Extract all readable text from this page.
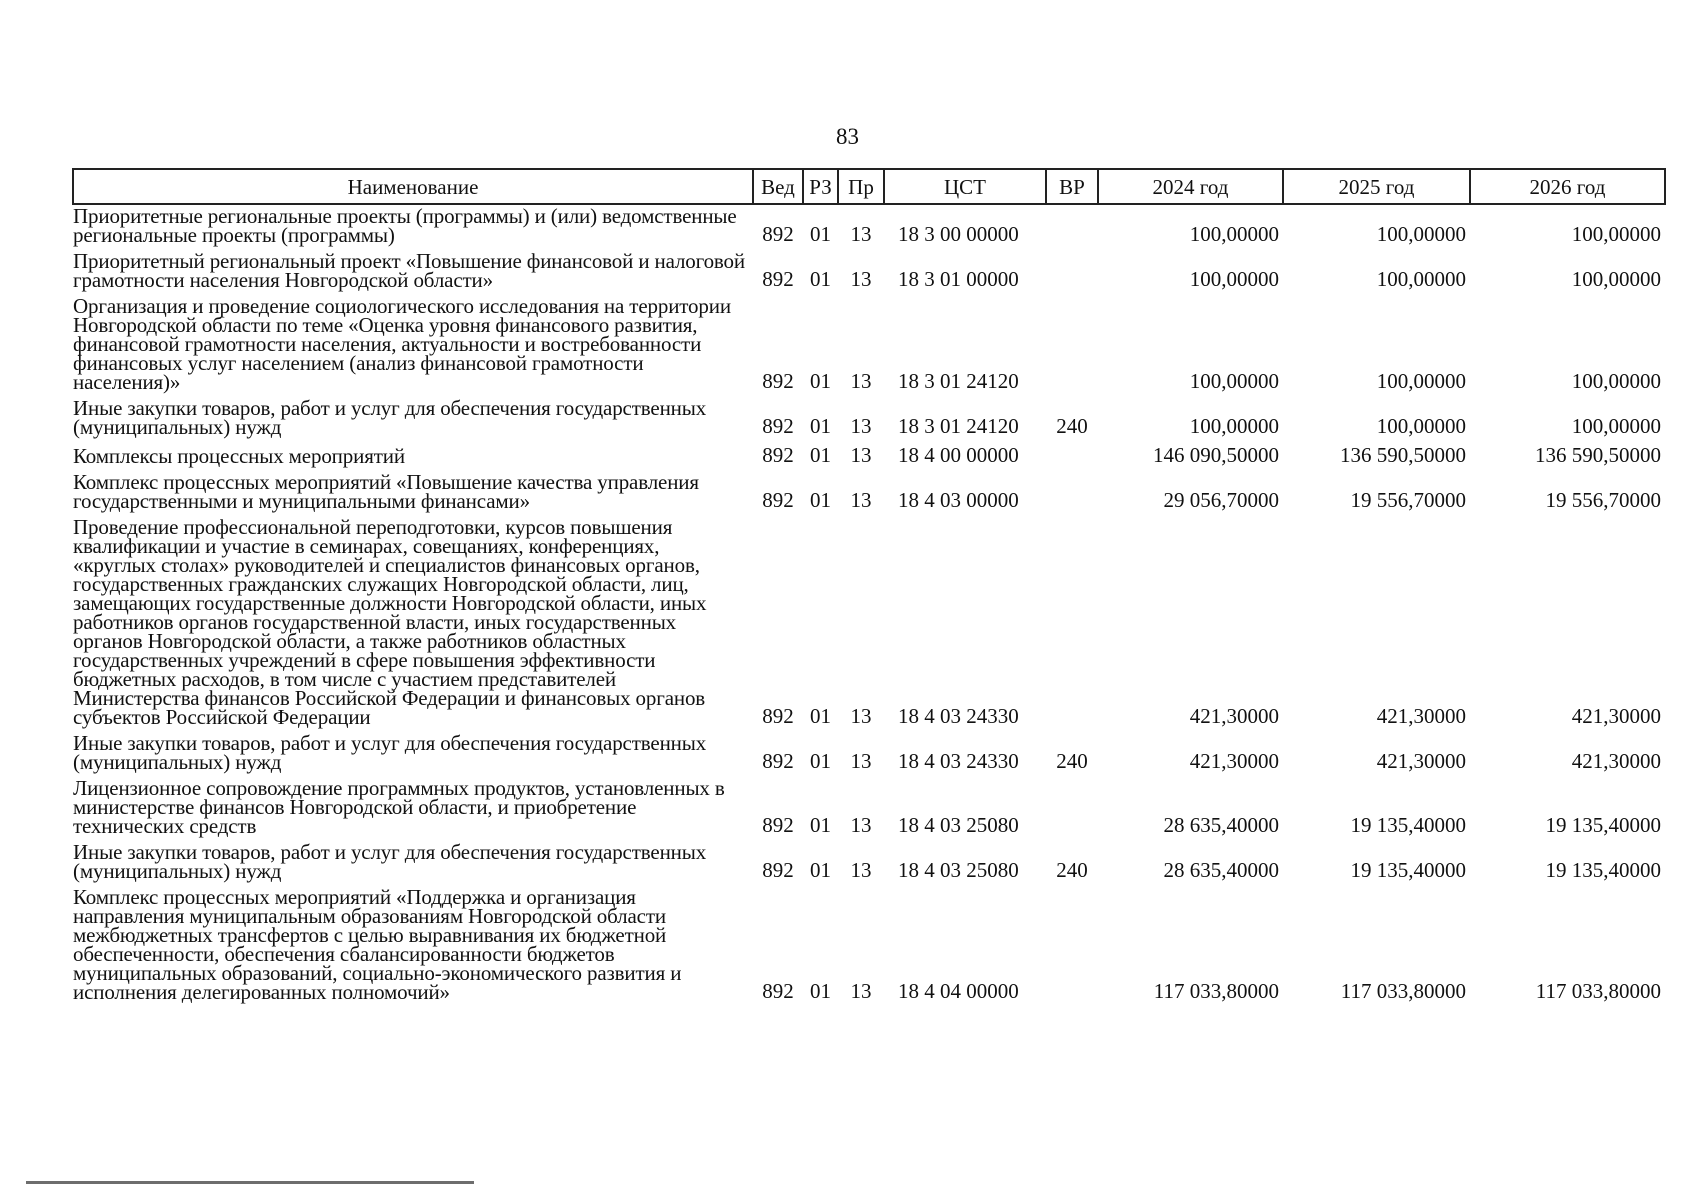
83
Наименование	Вед	РЗ	Пр	ЦСТ	ВР	2024 год	2025 год	2026 год
Приоритетные региональные проекты (программы) и (или) ведомственные региональные проекты (программы)	892	01	13	18 3 00 00000		100,00000	100,00000	100,00000
Приоритетный региональный проект «Повышение финансовой и налоговой грамотности населения Новгородской области»	892	01	13	18 3 01 00000		100,00000	100,00000	100,00000
Организация и проведение социологического исследования на территории Новгородской области по теме «Оценка уровня финансового развития, финансовой грамотности населения, актуальности и востребованности финансовых услуг населением (анализ финансовой грамотности населения)»	892	01	13	18 3 01 24120		100,00000	100,00000	100,00000
Иные закупки товаров, работ и услуг для обеспечения государственных (муниципальных) нужд	892	01	13	18 3 01 24120	240	100,00000	100,00000	100,00000
Комплексы процессных мероприятий	892	01	13	18 4 00 00000		146 090,50000	136 590,50000	136 590,50000
Комплекс процессных мероприятий «Повышение качества управления государственными и муниципальными финансами»	892	01	13	18 4 03 00000		29 056,70000	19 556,70000	19 556,70000
Проведение профессиональной переподготовки, курсов повышения квалификации и участие в семинарах, совещаниях, конференциях, «круглых столах» руководителей и специалистов финансовых органов, государственных гражданских служащих Новгородской области, лиц, замещающих государственные должности Новгородской области, иных работников органов государственной власти, иных государственных органов Новгородской области, а также работников областных государственных учреждений в сфере повышения эффективности бюджетных расходов, в том числе с участием представителей Министерства финансов Российской Федерации и финансовых органов субъектов Российской Федерации	892	01	13	18 4 03 24330		421,30000	421,30000	421,30000
Иные закупки товаров, работ и услуг для обеспечения государственных (муниципальных) нужд	892	01	13	18 4 03 24330	240	421,30000	421,30000	421,30000
Лицензионное сопровождение программных продуктов, установленных в министерстве финансов Новгородской области, и приобретение технических средств	892	01	13	18 4 03 25080		28 635,40000	19 135,40000	19 135,40000
Иные закупки товаров, работ и услуг для обеспечения государственных (муниципальных) нужд	892	01	13	18 4 03 25080	240	28 635,40000	19 135,40000	19 135,40000
Комплекс процессных мероприятий «Поддержка и организация направления муниципальным образованиям Новгородской области межбюджетных трансфертов с целью выравнивания их бюджетной обеспеченности, обеспечения сбалансированности бюджетов муниципальных образований, социально-экономического развития и исполнения делегированных полномочий»	892	01	13	18 4 04 00000		117 033,80000	117 033,80000	117 033,80000
